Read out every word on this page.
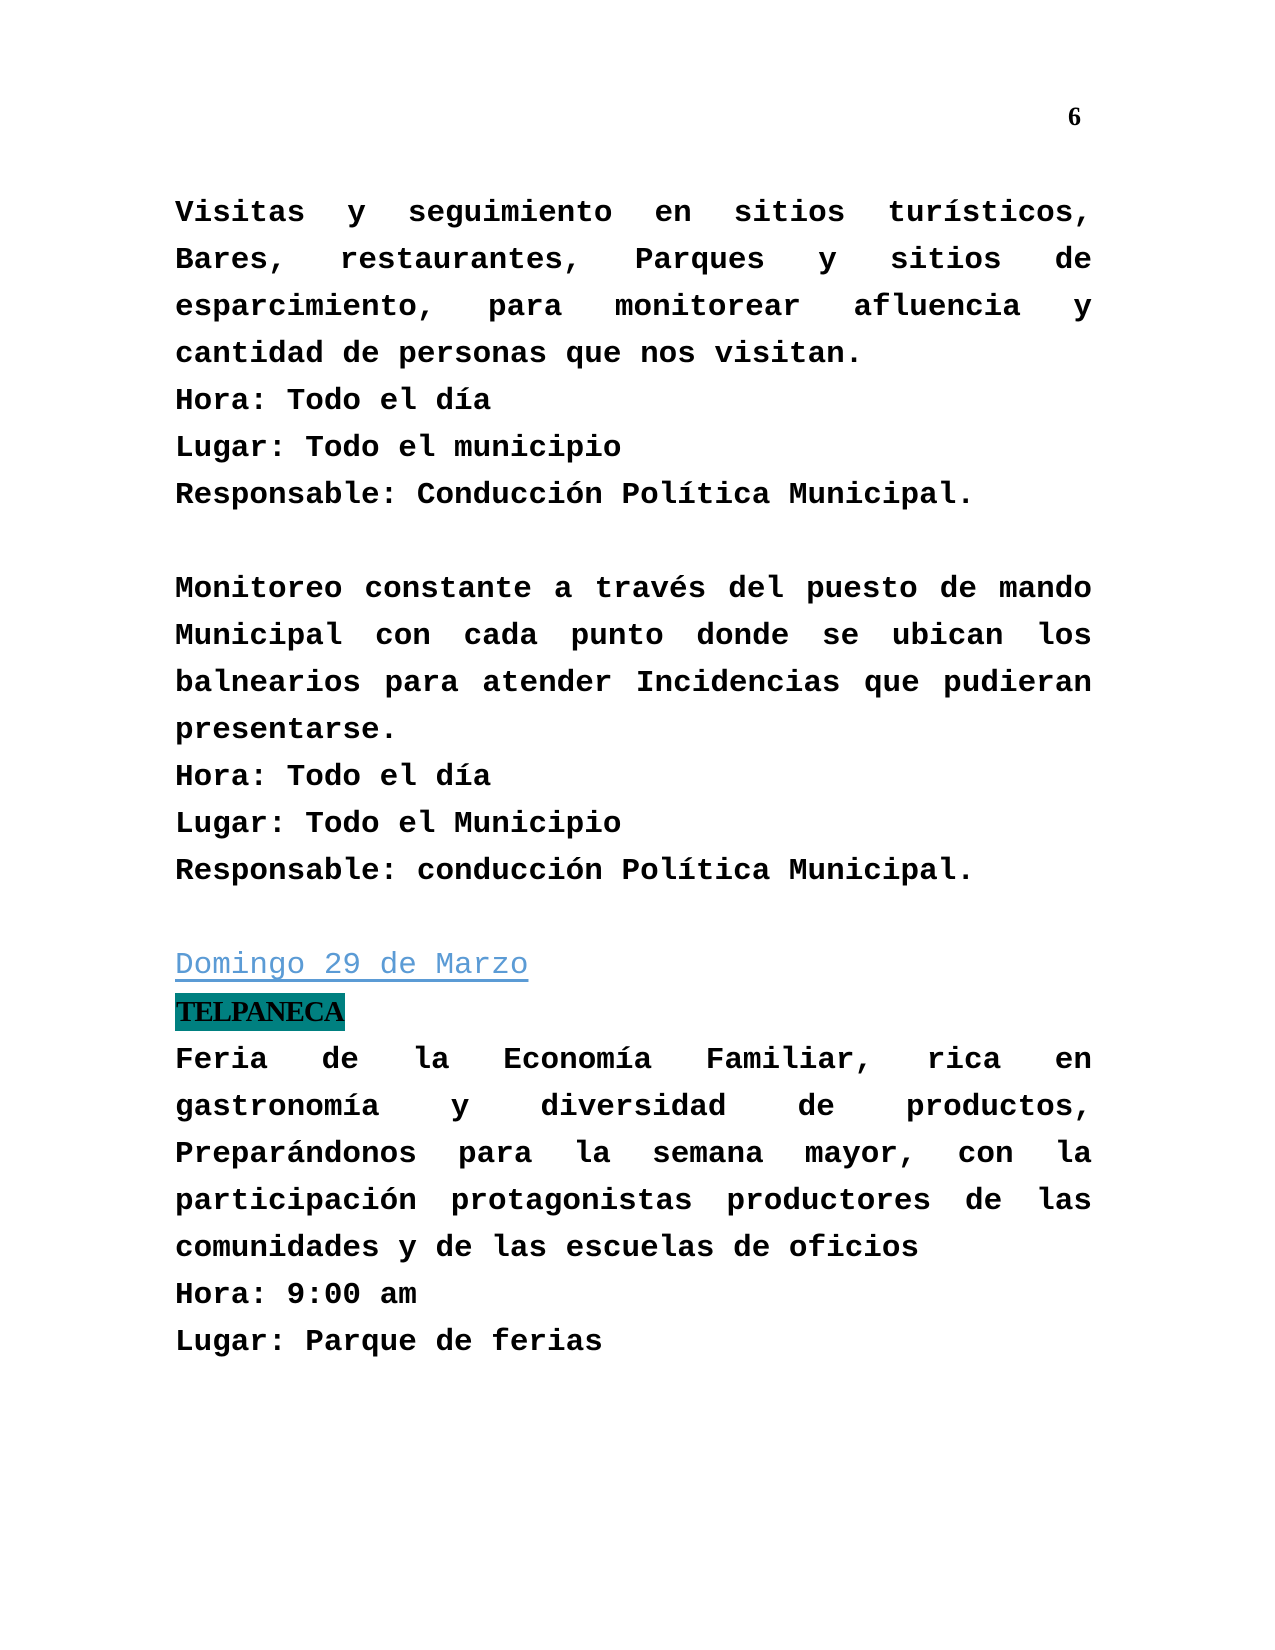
6

Visitas y seguimiento en sitios turísticos, Bares, restaurantes, Parques y sitios de esparcimiento, para monitorear afluencia y cantidad de personas que nos visitan.

Hora: Todo el día
Lugar: Todo el municipio
Responsable: Conducción Política Municipal.

Monitoreo constante a través del puesto de mando Municipal con cada punto donde se ubican los balnearios para atender Incidencias que pudieran presentarse.

Hora: Todo el día
Lugar: Todo el Municipio
Responsable: conducción Política Municipal.
Domingo 29 de Marzo
TELPANECA

Feria de la Economía Familiar, rica en gastronomía y diversidad de productos, Preparándonos para la semana mayor, con la participación protagonistas productores de las comunidades y de las escuelas de oficios

Hora: 9:00 am
Lugar: Parque de ferias
